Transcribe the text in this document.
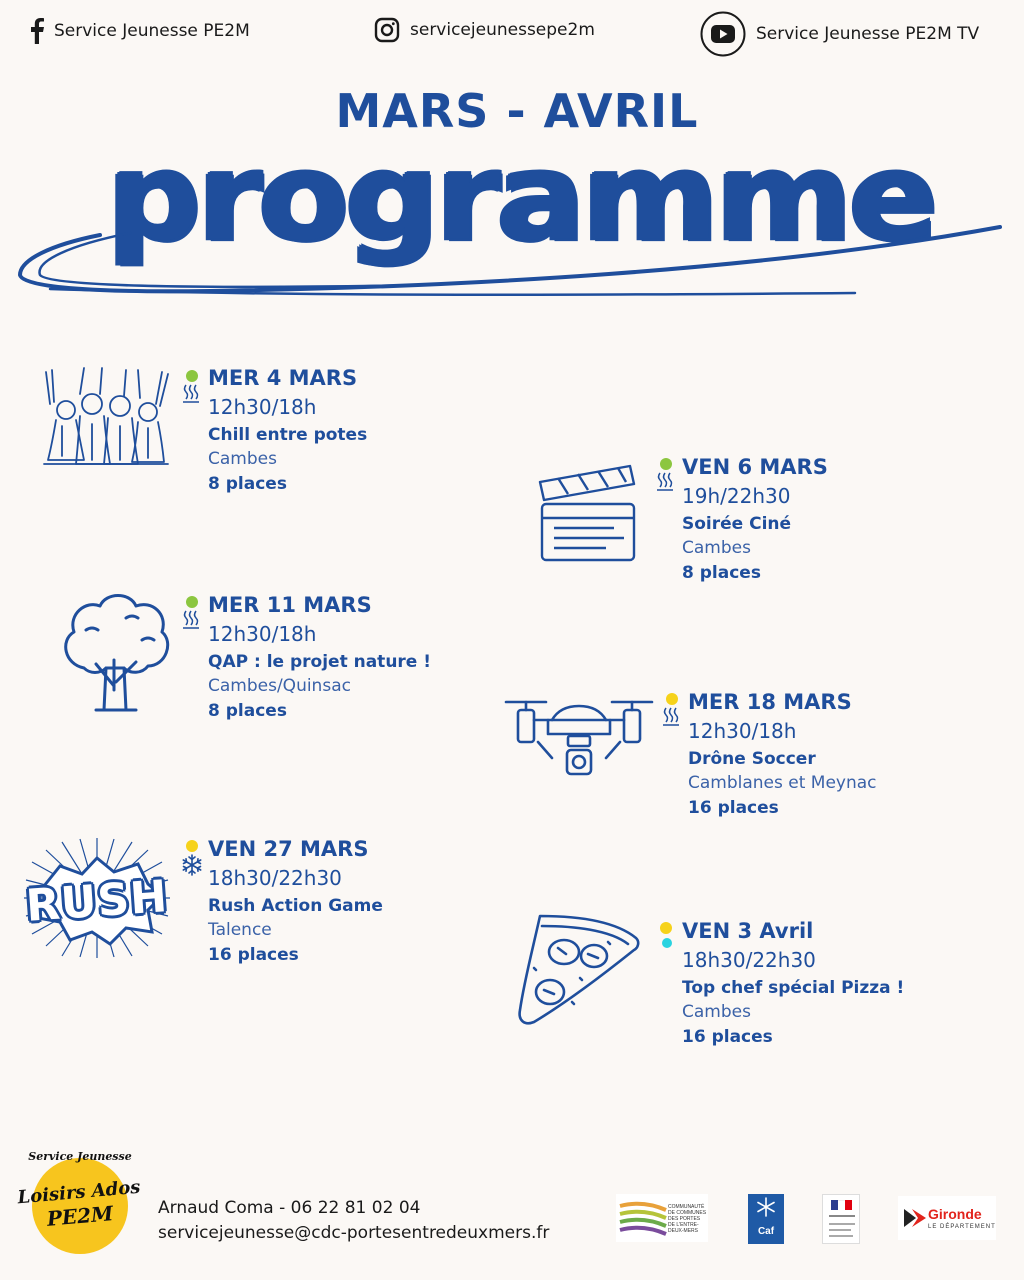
Service Jeunesse PE2M	servicejeunessepe2m	Service Jeunesse PE2M TV
MARS - AVRIL
programme
MER 4 MARS
12h30/18h
Chill entre potes
Cambes
8 places
VEN 6 MARS
19h/22h30
Soirée Ciné
Cambes
8 places
MER 11 MARS
12h30/18h
QAP : le projet nature !
Cambes/Quinsac
8 places	MER 18 MARS
12h30/18h
Drône Soccer
Camblanes et Meynac
16 places
RUSH
VEN 27 MARS
18h30/22h30
Rush Action Game
Talence
16 places
VEN 3 Avril
18h30/22h30
Top chef spécial Pizza !
Cambes
16 places
Service Jeunesse
Loisirs Ados
PE2M	Arnaud Coma - 06 22 81 02 04
servicejeunesse@cdc-portesentredeuxmers.fr
COMMUNAUTÉ DE COMMUNES DES PORTES DE L'ENTRE-DEUX-MERS	Caf
Gironde
LE DÉPARTEMENT
